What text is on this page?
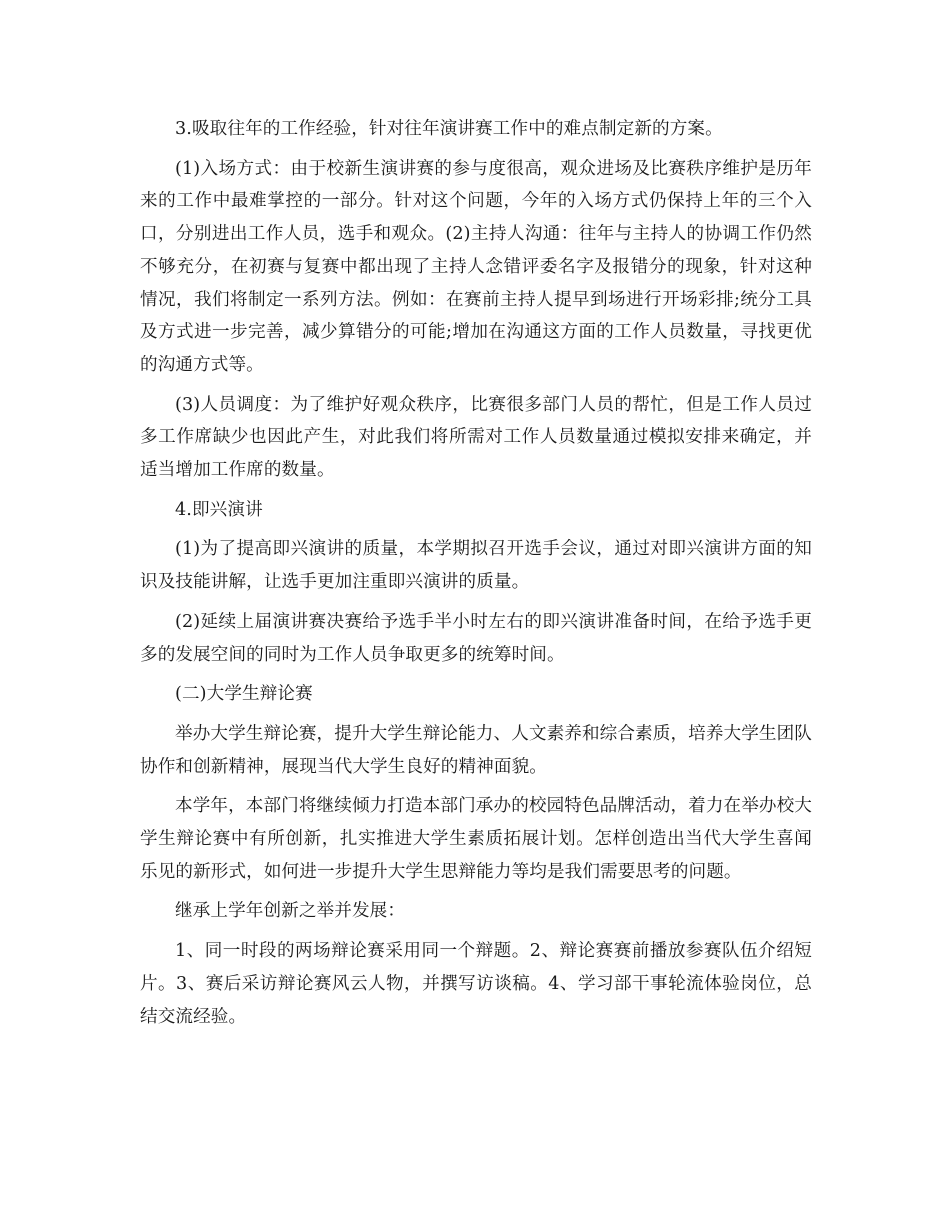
3.吸取往年的工作经验，针对往年演讲赛工作中的难点制定新的方案。

(1)入场方式：由于校新生演讲赛的参与度很高，观众进场及比赛秩序维护是历年来的工作中最难掌控的一部分。针对这个问题，今年的入场方式仍保持上年的三个入口，分别进出工作人员，选手和观众。(2)主持人沟通：往年与主持人的协调工作仍然不够充分，在初赛与复赛中都出现了主持人念错评委名字及报错分的现象，针对这种情况，我们将制定一系列方法。例如：在赛前主持人提早到场进行开场彩排;统分工具及方式进一步完善，减少算错分的可能;增加在沟通这方面的工作人员数量，寻找更优的沟通方式等。

(3)人员调度：为了维护好观众秩序，比赛很多部门人员的帮忙，但是工作人员过多工作席缺少也因此产生，对此我们将所需对工作人员数量通过模拟安排来确定，并适当增加工作席的数量。

4.即兴演讲

(1)为了提高即兴演讲的质量，本学期拟召开选手会议，通过对即兴演讲方面的知识及技能讲解，让选手更加注重即兴演讲的质量。

(2)延续上届演讲赛决赛给予选手半小时左右的即兴演讲准备时间，在给予选手更多的发展空间的同时为工作人员争取更多的统筹时间。

(二)大学生辩论赛

举办大学生辩论赛，提升大学生辩论能力、人文素养和综合素质，培养大学生团队协作和创新精神，展现当代大学生良好的精神面貌。

本学年，本部门将继续倾力打造本部门承办的校园特色品牌活动，着力在举办校大学生辩论赛中有所创新，扎实推进大学生素质拓展计划。怎样创造出当代大学生喜闻乐见的新形式，如何进一步提升大学生思辩能力等均是我们需要思考的问题。

继承上学年创新之举并发展：

1、同一时段的两场辩论赛采用同一个辩题。2、辩论赛赛前播放参赛队伍介绍短片。3、赛后采访辩论赛风云人物，并撰写访谈稿。4、学习部干事轮流体验岗位，总结交流经验。
